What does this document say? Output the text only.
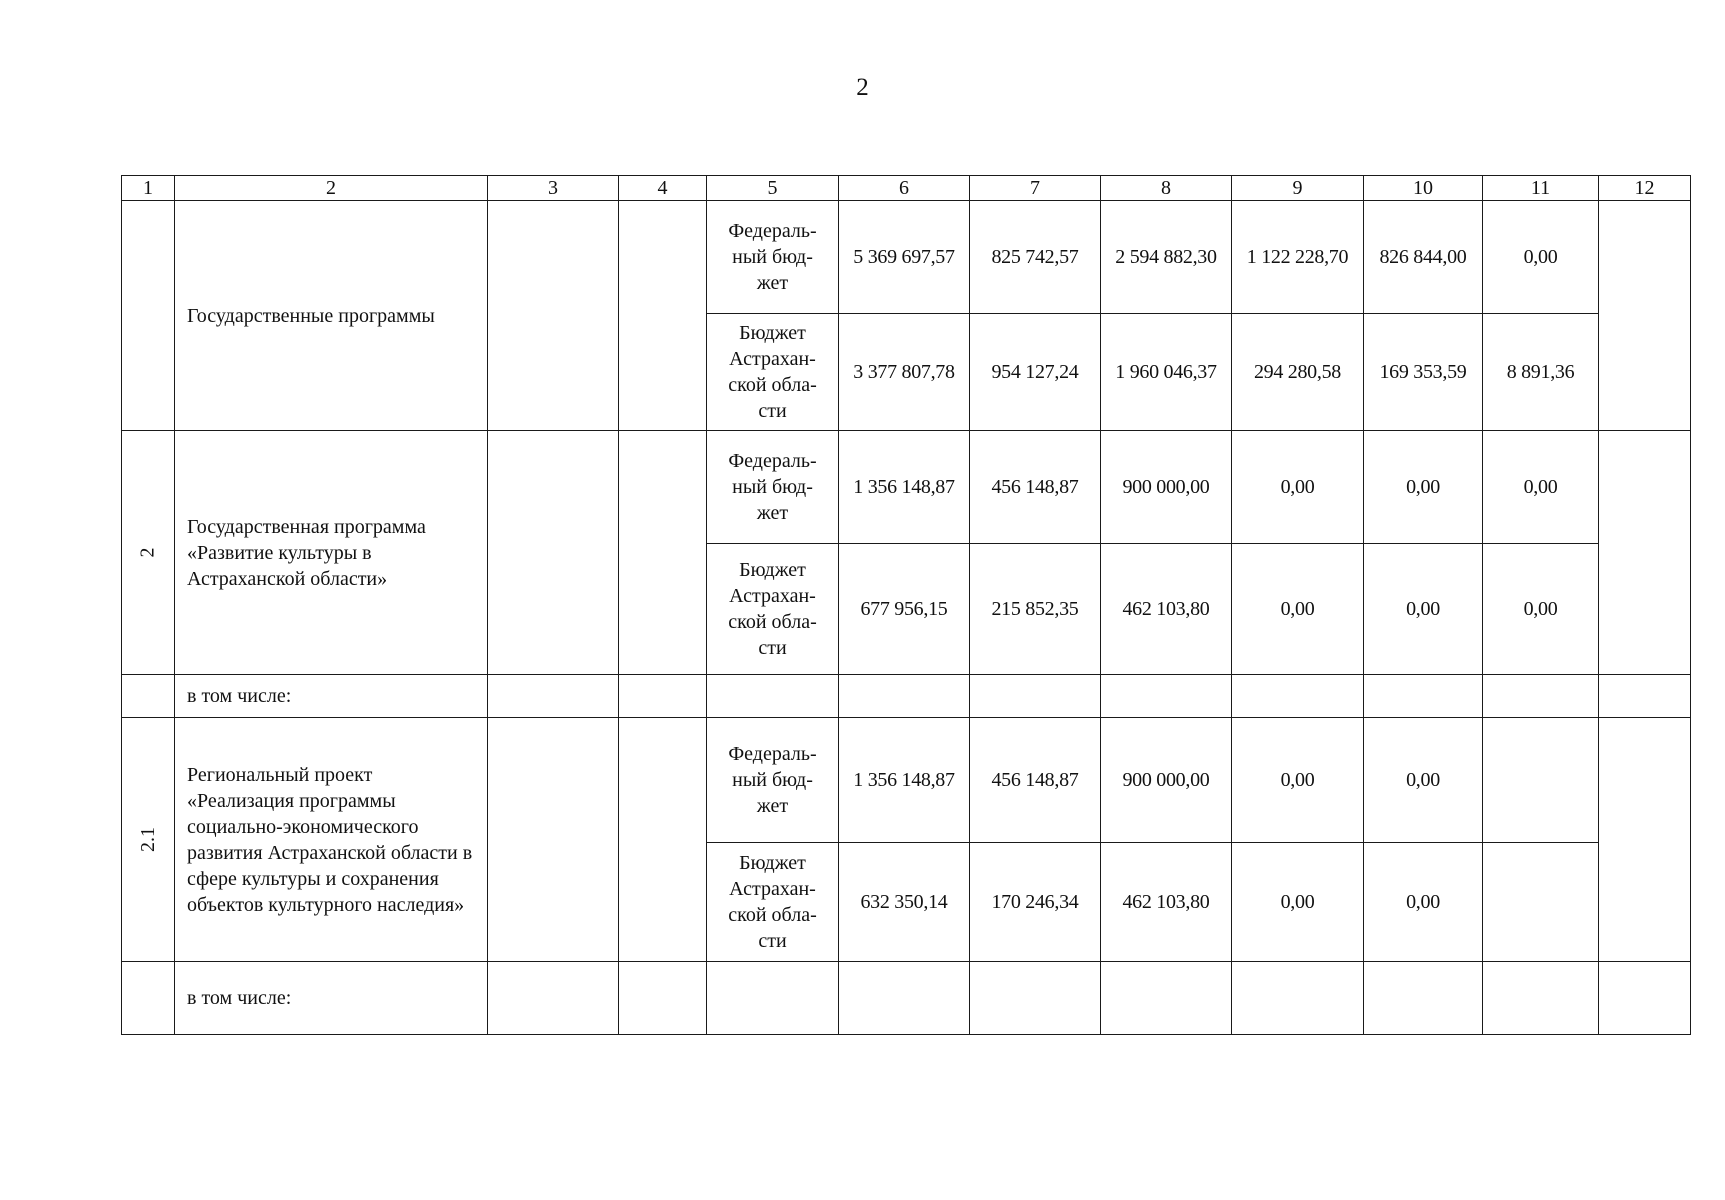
2
1	2	3	4	5	6	7	8	9	10	11	12
	Государственные программы			Федераль-
ный бюд-
жет	5 369 697,57	825 742,57	2 594 882,30	1 122 228,70	826 844,00	0,00	
				Бюджет
Астрахан-
ской обла-
сти	3 377 807,78	954 127,24	1 960 046,37	294 280,58	169 353,59	8 891,36	
2	Государственная программа «Развитие культуры в Астраханской области»			Федераль-
ный бюд-
жет	1 356 148,87	456 148,87	900 000,00	0,00	0,00	0,00	
				Бюджет
Астрахан-
ской обла-
сти	677 956,15	215 852,35	462 103,80	0,00	0,00	0,00	
	в том числе:										
2.1	Региональный проект «Реализация программы социально-экономического развития Астраханской области в сфере культуры и сохранения объектов культурного наследия»			Федераль-
ный бюд-
жет	1 356 148,87	456 148,87	900 000,00	0,00	0,00		
				Бюджет
Астрахан-
ской обла-
сти	632 350,14	170 246,34	462 103,80	0,00	0,00		
	в том числе:										
